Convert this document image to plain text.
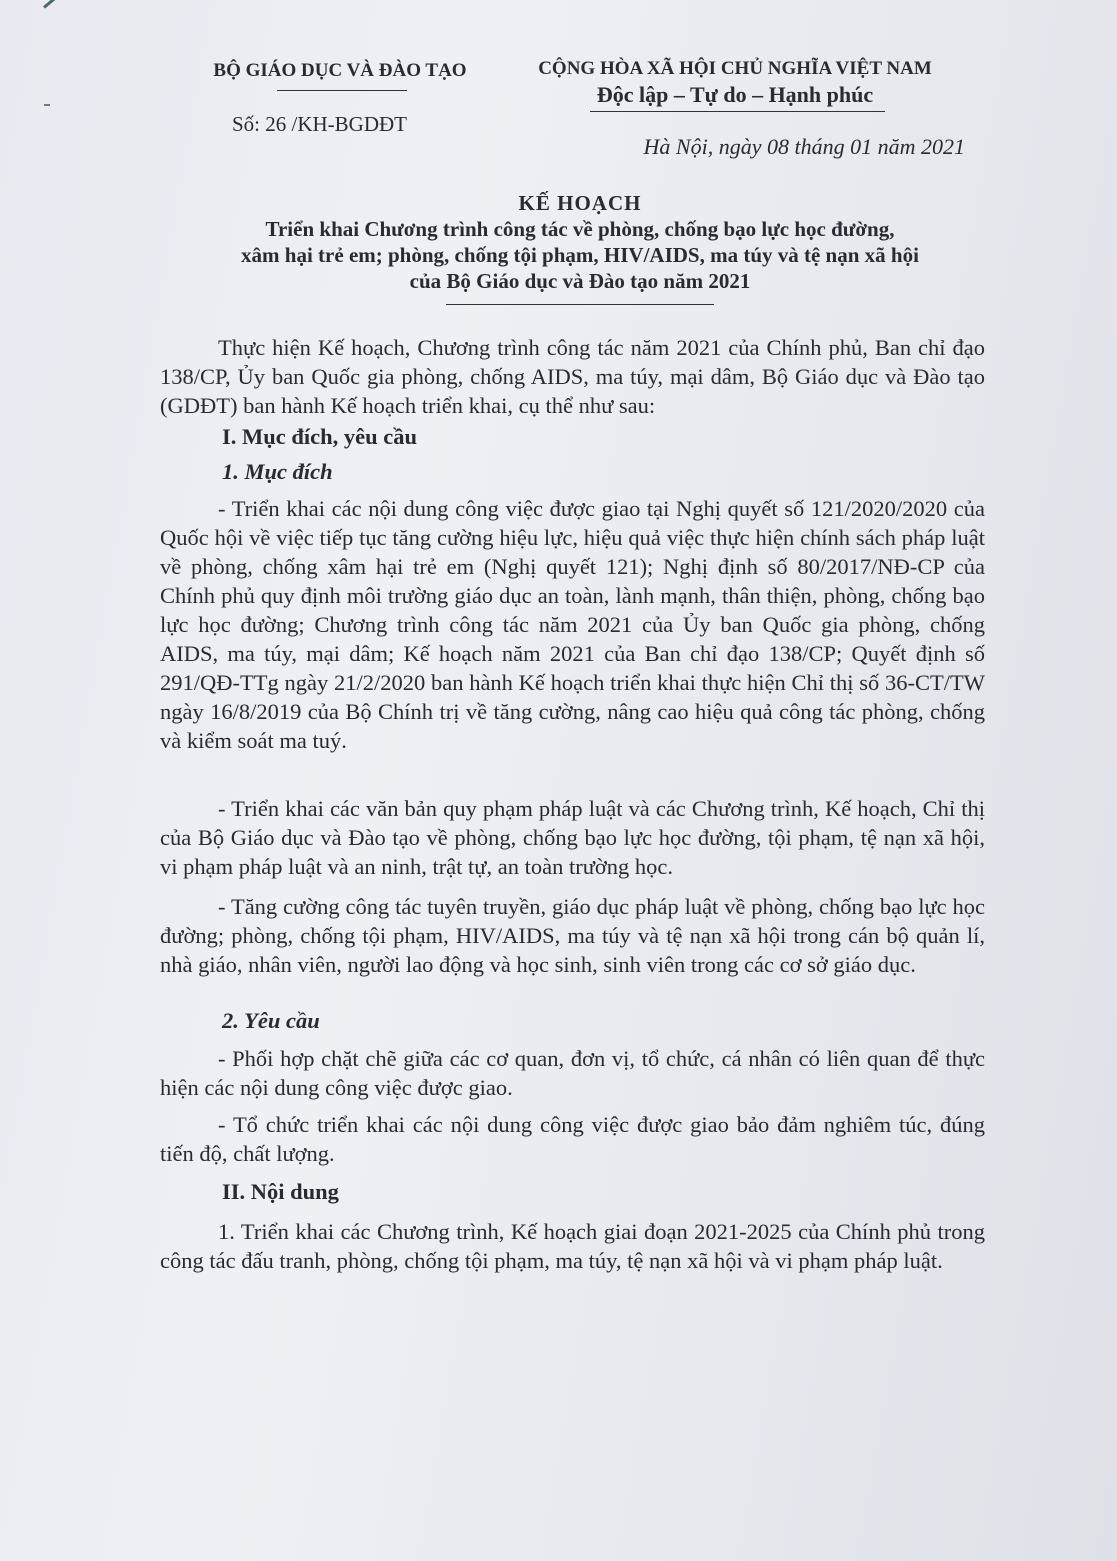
BỘ GIÁO DỤC VÀ ĐÀO TẠO
Số: 26 /KH-BGDĐT
CỘNG HÒA XÃ HỘI CHỦ NGHĨA VIỆT NAM
Độc lập – Tự do – Hạnh phúc
Hà Nội, ngày 08 tháng 01 năm 2021
KẾ HOẠCH
Triển khai Chương trình công tác về phòng, chống bạo lực học đường,
xâm hại trẻ em; phòng, chống tội phạm, HIV/AIDS, ma túy và tệ nạn xã hội
của Bộ Giáo dục và Đào tạo năm 2021

Thực hiện Kế hoạch, Chương trình công tác năm 2021 của Chính phủ, Ban chỉ đạo 138/CP, Ủy ban Quốc gia phòng, chống AIDS, ma túy, mại dâm, Bộ Giáo dục và Đào tạo (GDĐT) ban hành Kế hoạch triển khai, cụ thể như sau:

I. Mục đích, yêu cầu
1. Mục đích

- Triển khai các nội dung công việc được giao tại Nghị quyết số 121/2020/2020 của Quốc hội về việc tiếp tục tăng cường hiệu lực, hiệu quả việc thực hiện chính sách pháp luật về phòng, chống xâm hại trẻ em (Nghị quyết 121); Nghị định số 80/2017/NĐ-CP của Chính phủ quy định môi trường giáo dục an toàn, lành mạnh, thân thiện, phòng, chống bạo lực học đường; Chương trình công tác năm 2021 của Ủy ban Quốc gia phòng, chống AIDS, ma túy, mại dâm; Kế hoạch năm 2021 của Ban chỉ đạo 138/CP; Quyết định số 291/QĐ-TTg ngày 21/2/2020 ban hành Kế hoạch triển khai thực hiện Chỉ thị số 36-CT/TW ngày 16/8/2019 của Bộ Chính trị về tăng cường, nâng cao hiệu quả công tác phòng, chống và kiểm soát ma tuý.

- Triển khai các văn bản quy phạm pháp luật và các Chương trình, Kế hoạch, Chỉ thị của Bộ Giáo dục và Đào tạo về phòng, chống bạo lực học đường, tội phạm, tệ nạn xã hội, vi phạm pháp luật và an ninh, trật tự, an toàn trường học.

- Tăng cường công tác tuyên truyền, giáo dục pháp luật về phòng, chống bạo lực học đường; phòng, chống tội phạm, HIV/AIDS, ma túy và tệ nạn xã hội trong cán bộ quản lí, nhà giáo, nhân viên, người lao động và học sinh, sinh viên trong các cơ sở giáo dục.

2. Yêu cầu

- Phối hợp chặt chẽ giữa các cơ quan, đơn vị, tổ chức, cá nhân có liên quan để thực hiện các nội dung công việc được giao.

- Tổ chức triển khai các nội dung công việc được giao bảo đảm nghiêm túc, đúng tiến độ, chất lượng.

II. Nội dung

1. Triển khai các Chương trình, Kế hoạch giai đoạn 2021-2025 của Chính phủ trong công tác đấu tranh, phòng, chống tội phạm, ma túy, tệ nạn xã hội và vi phạm pháp luật.
